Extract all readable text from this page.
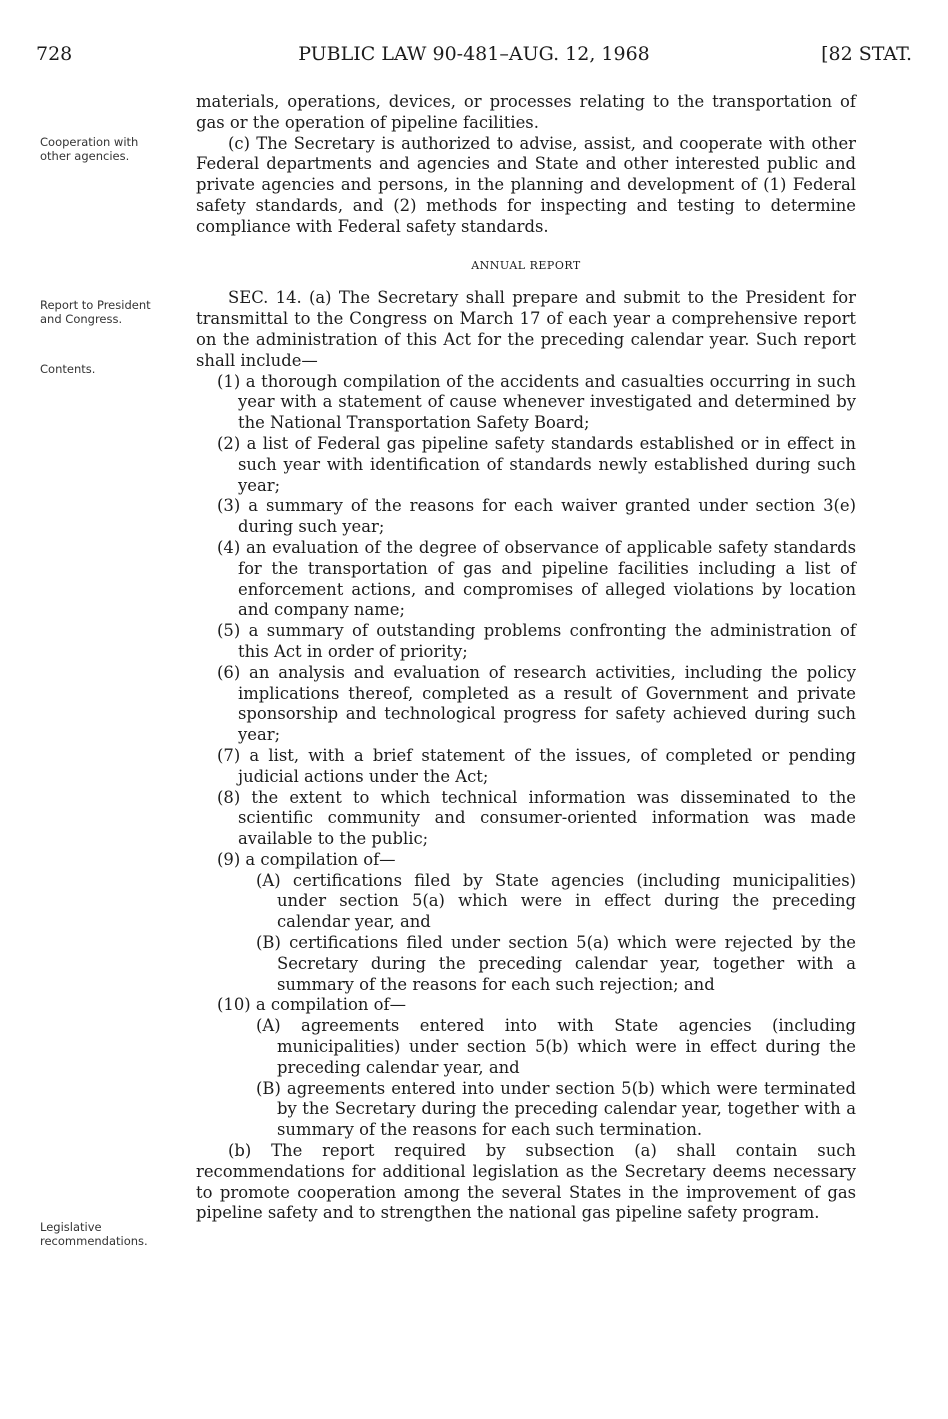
728	PUBLIC LAW 90-481–AUG. 12, 1968	[82 STAT.
Cooperation with other agencies.
Report to President and Congress.
Contents.
Legislative recommendations.

materials, operations, devices, or processes relating to the transportation of gas or the operation of pipeline facilities.

(c) The Secretary is authorized to advise, assist, and cooperate with other Federal departments and agencies and State and other interested public and private agencies and persons, in the planning and development of (1) Federal safety standards, and (2) methods for inspecting and testing to determine compliance with Federal safety standards.

ANNUAL REPORT

SEC. 14. (a) The Secretary shall prepare and submit to the President for transmittal to the Congress on March 17 of each year a comprehensive report on the administration of this Act for the preceding calendar year. Such report shall include—

(1) a thorough compilation of the accidents and casualties occurring in such year with a statement of cause whenever investigated and determined by the National Transportation Safety Board;

(2) a list of Federal gas pipeline safety standards established or in effect in such year with identification of standards newly established during such year;

(3) a summary of the reasons for each waiver granted under section 3(e) during such year;

(4) an evaluation of the degree of observance of applicable safety standards for the transportation of gas and pipeline facilities including a list of enforcement actions, and compromises of alleged violations by location and company name;

(5) a summary of outstanding problems confronting the administration of this Act in order of priority;

(6) an analysis and evaluation of research activities, including the policy implications thereof, completed as a result of Government and private sponsorship and technological progress for safety achieved during such year;

(7) a list, with a brief statement of the issues, of completed or pending judicial actions under the Act;

(8) the extent to which technical information was disseminated to the scientific community and consumer-oriented information was made available to the public;

(9) a compilation of—

(A) certifications filed by State agencies (including municipalities) under section 5(a) which were in effect during the preceding calendar year, and

(B) certifications filed under section 5(a) which were rejected by the Secretary during the preceding calendar year, together with a summary of the reasons for each such rejection; and

(10) a compilation of—

(A) agreements entered into with State agencies (including municipalities) under section 5(b) which were in effect during the preceding calendar year, and

(B) agreements entered into under section 5(b) which were terminated by the Secretary during the preceding calendar year, together with a summary of the reasons for each such termination.

(b) The report required by subsection (a) shall contain such recommendations for additional legislation as the Secretary deems necessary to promote cooperation among the several States in the improvement of gas pipeline safety and to strengthen the national gas pipeline safety program.
